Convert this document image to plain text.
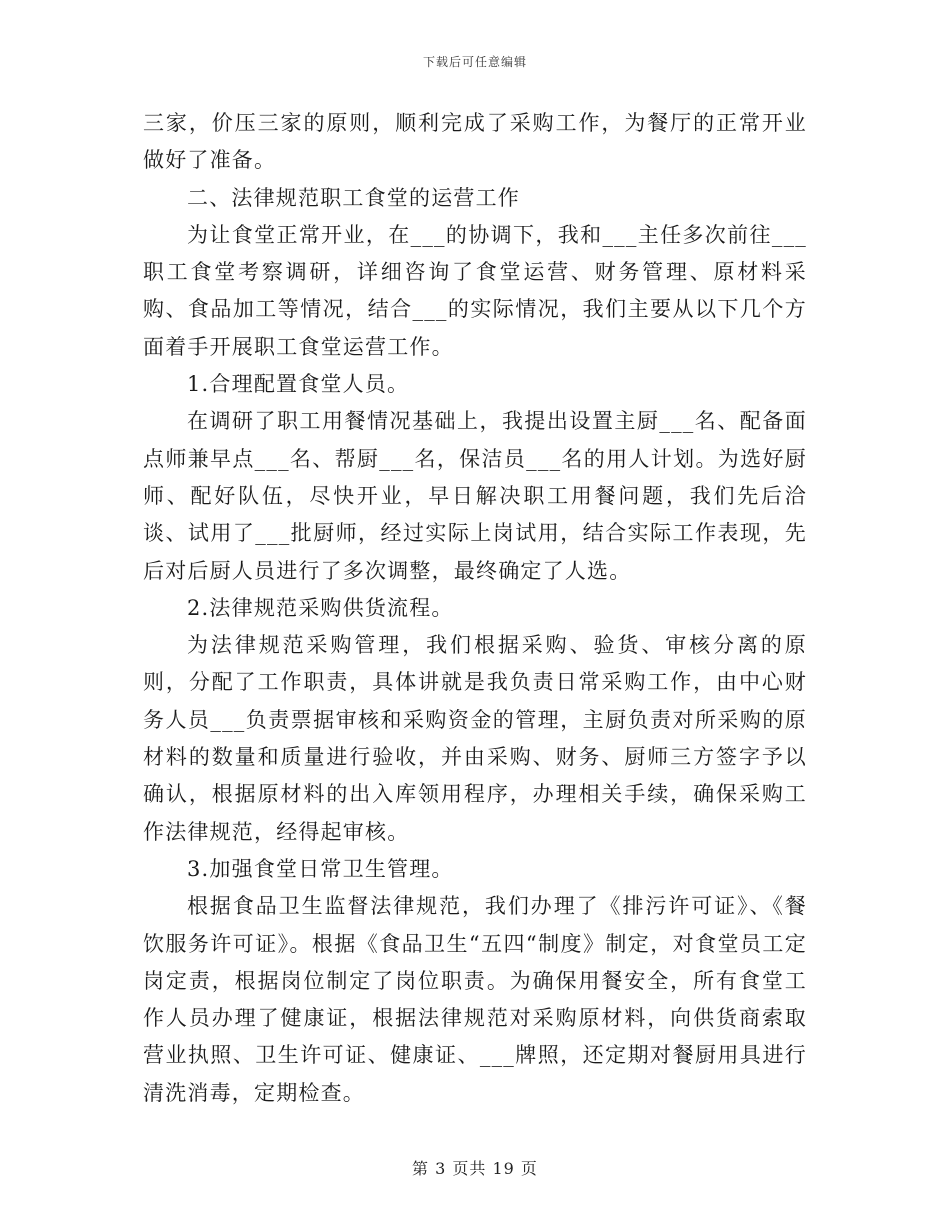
下载后可任意编辑

三家，价压三家的原则，顺利完成了采购工作，为餐厅的正常开业做好了准备。

二、法律规范职工食堂的运营工作

为让食堂正常开业，在___的协调下，我和___主任多次前往___职工食堂考察调研，详细咨询了食堂运营、财务管理、原材料采购、食品加工等情况，结合___的实际情况，我们主要从以下几个方面着手开展职工食堂运营工作。

1.合理配置食堂人员。

在调研了职工用餐情况基础上，我提出设置主厨___名、配备面点师兼早点___名、帮厨___名，保洁员___名的用人计划。为选好厨师、配好队伍，尽快开业，早日解决职工用餐问题，我们先后洽谈、试用了___批厨师，经过实际上岗试用，结合实际工作表现，先后对后厨人员进行了多次调整，最终确定了人选。

2.法律规范采购供货流程。

为法律规范采购管理，我们根据采购、验货、审核分离的原则，分配了工作职责，具体讲就是我负责日常采购工作，由中心财务人员___负责票据审核和采购资金的管理，主厨负责对所采购的原材料的数量和质量进行验收，并由采购、财务、厨师三方签字予以确认，根据原材料的出入库领用程序，办理相关手续，确保采购工作法律规范，经得起审核。

3.加强食堂日常卫生管理。

根据食品卫生监督法律规范，我们办理了《排污许可证》、《餐饮服务许可证》。根据《食品卫生“五四“制度》制定，对食堂员工定岗定责，根据岗位制定了岗位职责。为确保用餐安全，所有食堂工作人员办理了健康证，根据法律规范对采购原材料，向供货商索取营业执照、卫生许可证、健康证、___牌照，还定期对餐厨用具进行清洗消毒，定期检查。

第 3 页共 19 页
